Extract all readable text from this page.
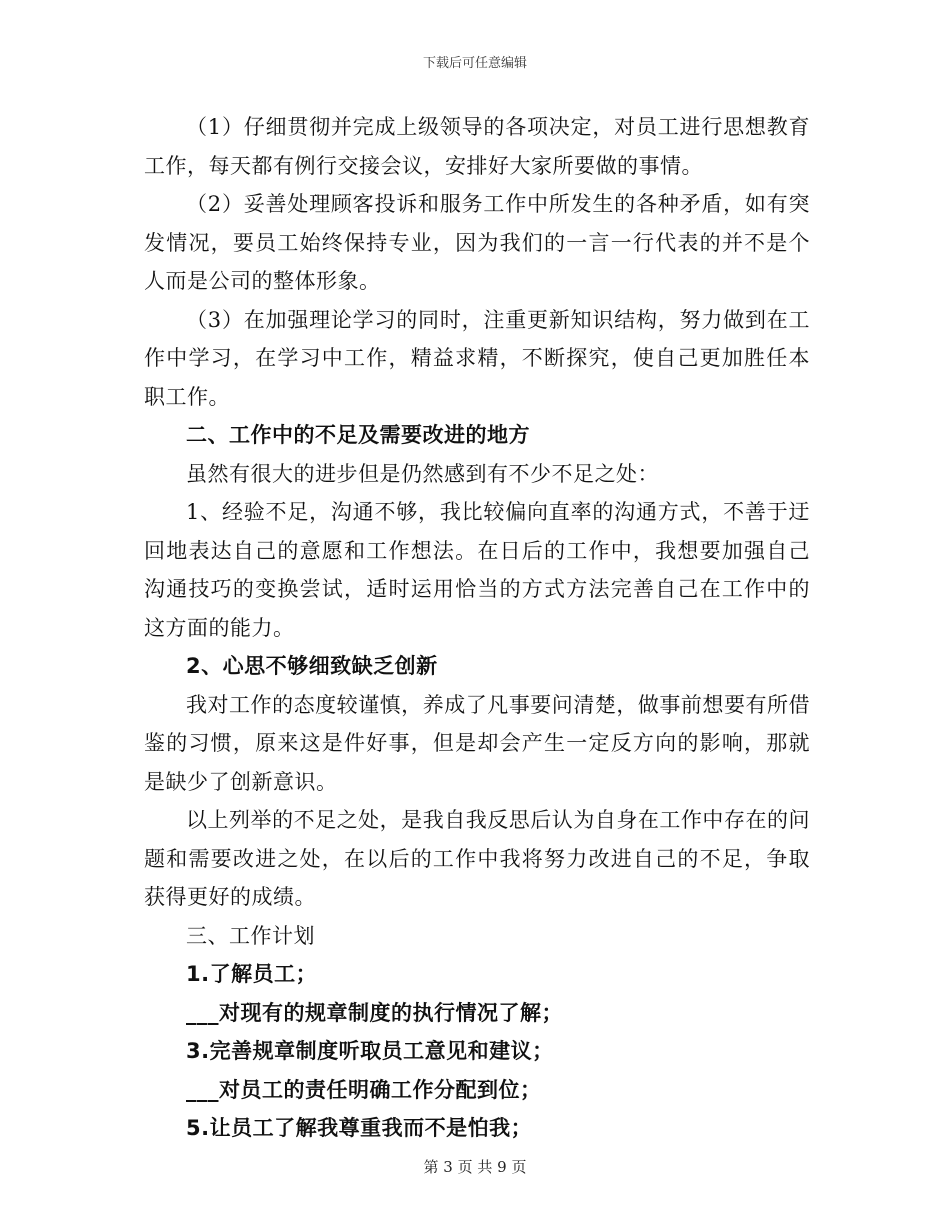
下载后可任意编辑

（1）仔细贯彻并完成上级领导的各项决定，对员工进行思想教育工作，每天都有例行交接会议，安排好大家所要做的事情。

（2）妥善处理顾客投诉和服务工作中所发生的各种矛盾，如有突发情况，要员工始终保持专业，因为我们的一言一行代表的并不是个人而是公司的整体形象。

（3）在加强理论学习的同时，注重更新知识结构，努力做到在工作中学习，在学习中工作，精益求精，不断探究，使自己更加胜任本职工作。

二、工作中的不足及需要改进的地方

虽然有很大的进步但是仍然感到有不少不足之处：

1、经验不足，沟通不够，我比较偏向直率的沟通方式，不善于迂回地表达自己的意愿和工作想法。在日后的工作中，我想要加强自己沟通技巧的变换尝试，适时运用恰当的方式方法完善自己在工作中的这方面的能力。

2、心思不够细致缺乏创新

我对工作的态度较谨慎，养成了凡事要问清楚，做事前想要有所借鉴的习惯，原来这是件好事，但是却会产生一定反方向的影响，那就是缺少了创新意识。

以上列举的不足之处，是我自我反思后认为自身在工作中存在的问题和需要改进之处，在以后的工作中我将努力改进自己的不足，争取获得更好的成绩。

三、工作计划

1.了解员工；

___对现有的规章制度的执行情况了解；

3.完善规章制度听取员工意见和建议；

___对员工的责任明确工作分配到位；

5.让员工了解我尊重我而不是怕我；

第 3 页 共 9 页
